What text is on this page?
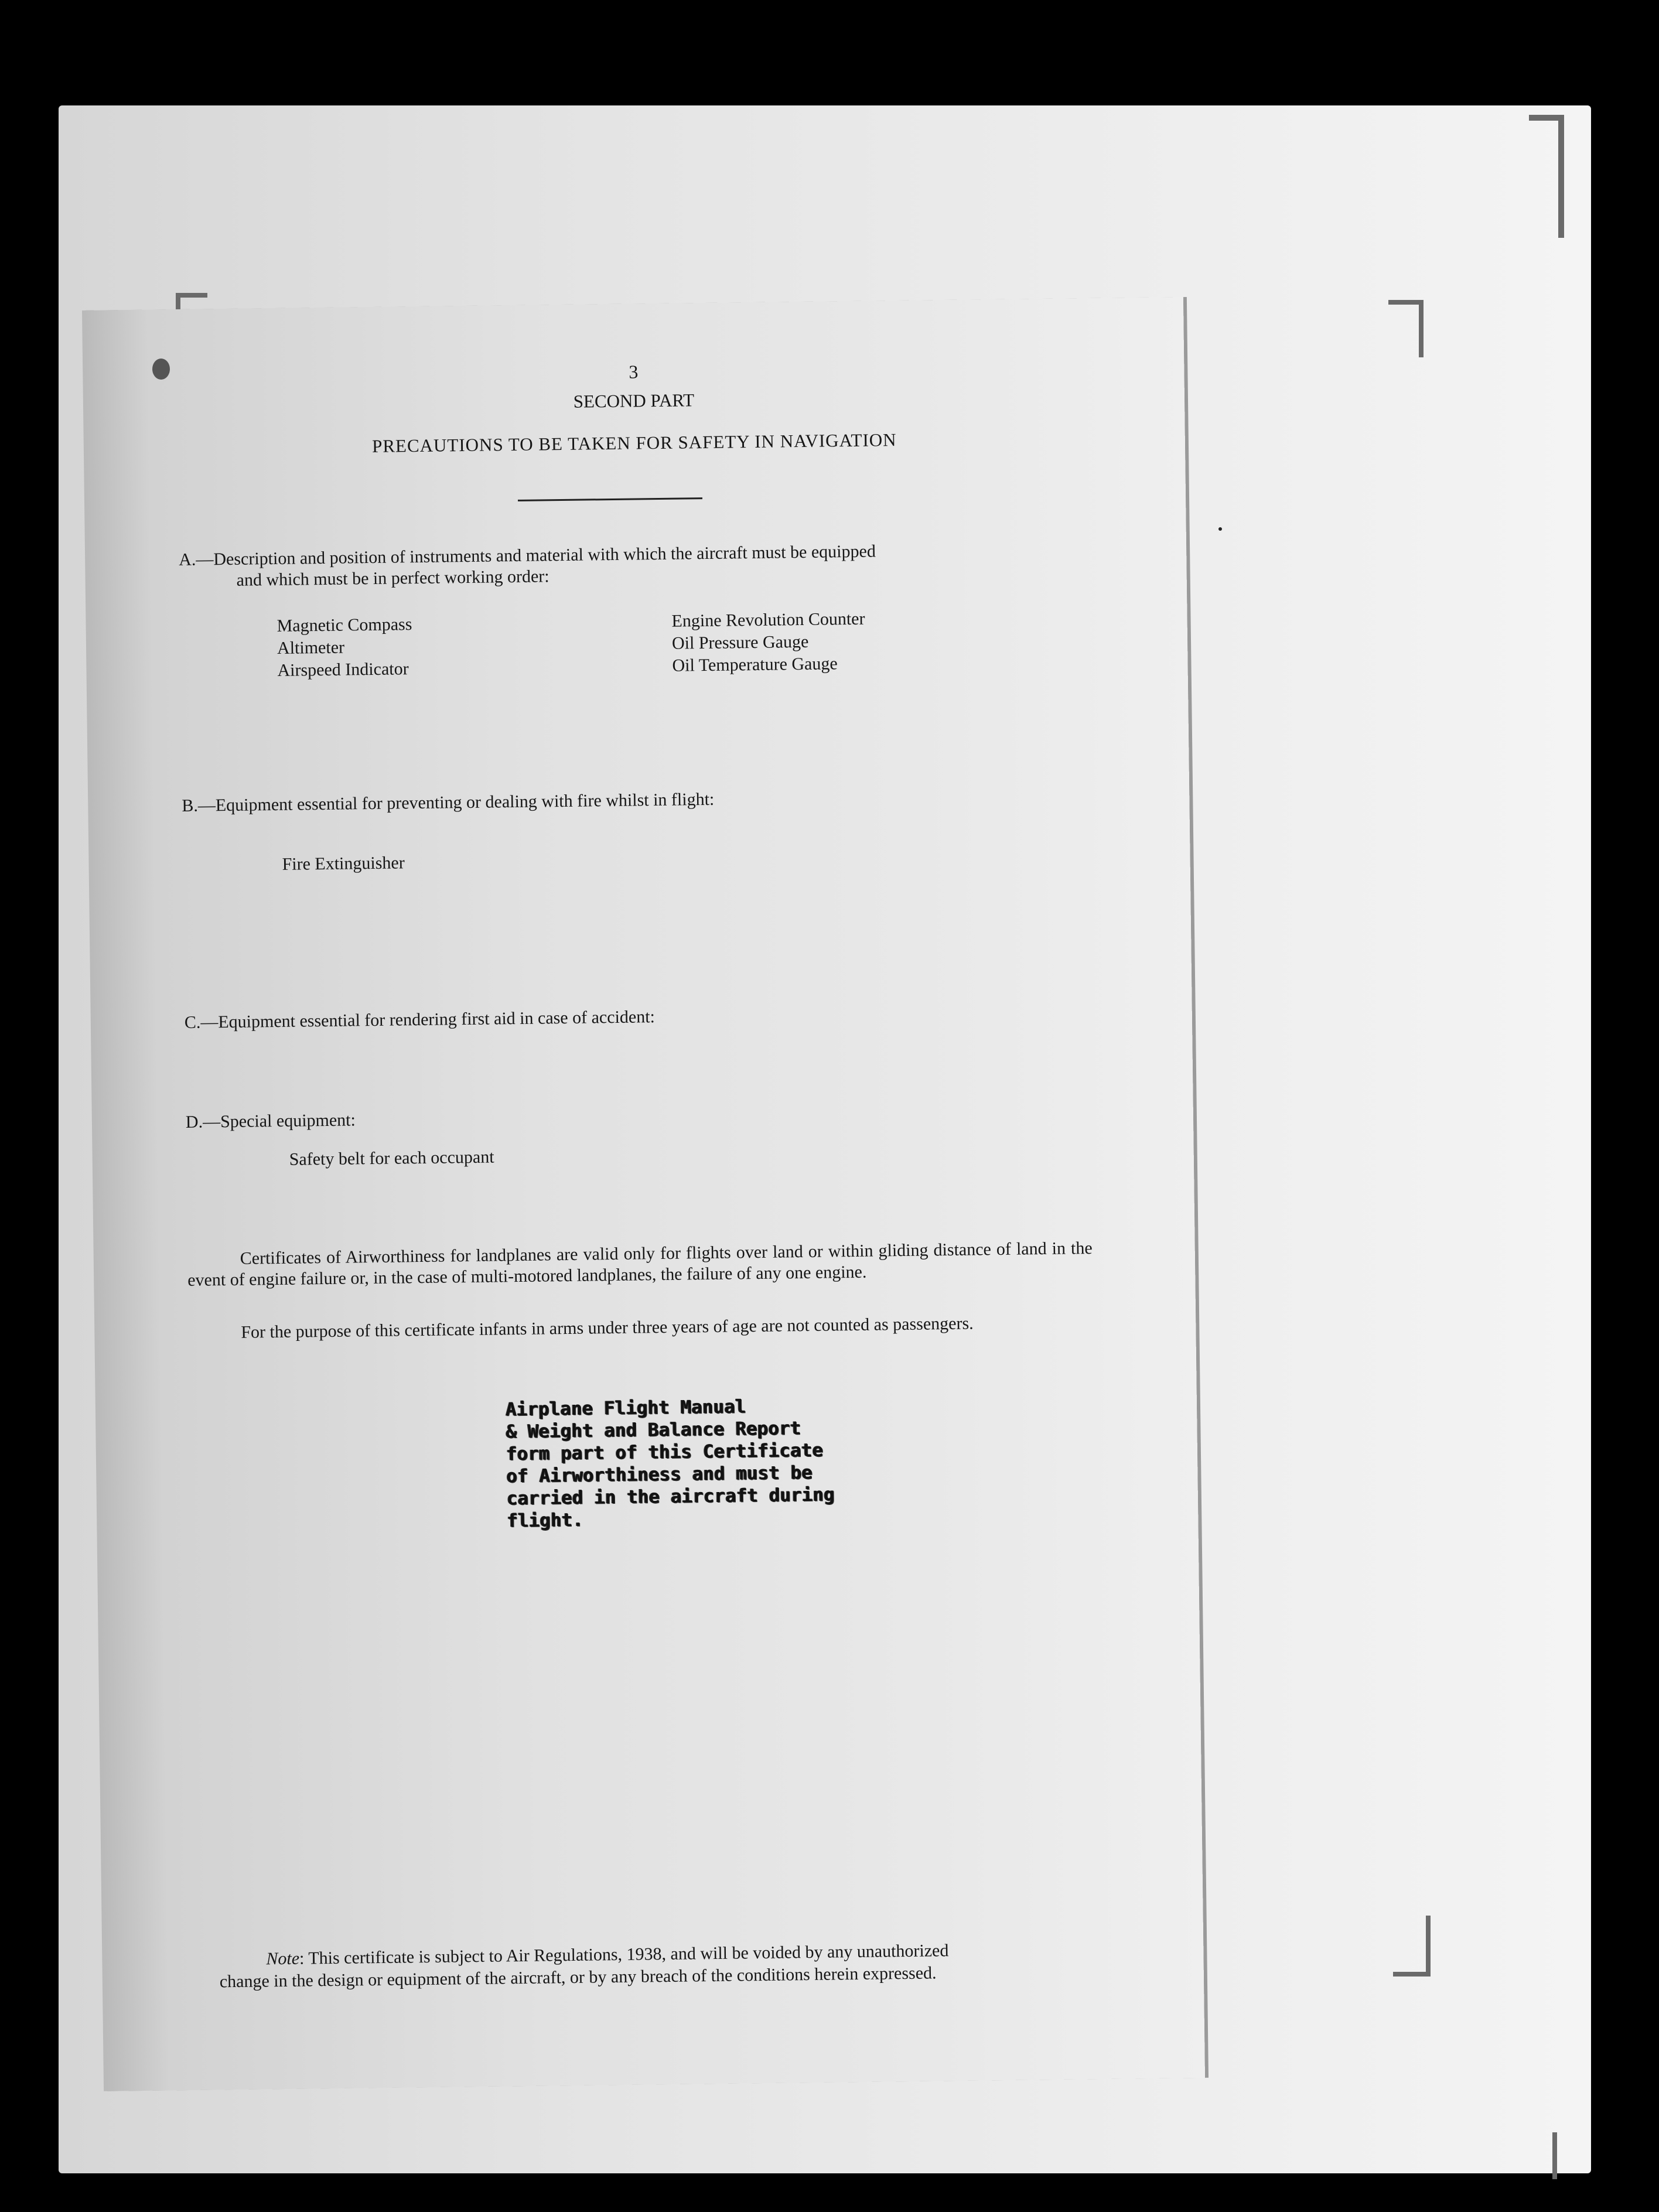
3
SECOND PART
PRECAUTIONS TO BE TAKEN FOR SAFETY IN NAVIGATION
A.—Description and position of instruments and material with which the aircraft must be equipped
and which must be in perfect working order:
Magnetic Compass
Altimeter
Airspeed Indicator
Engine Revolution Counter
Oil Pressure Gauge
Oil Temperature Gauge
B.—Equipment essential for preventing or dealing with fire whilst in flight:
Fire Extinguisher
C.—Equipment essential for rendering first aid in case of accident:
D.—Special equipment:
Safety belt for each occupant
Certificates of Airworthiness for landplanes are valid only for flights over land or within gliding distance of land in the event of engine failure or, in the case of multi-motored landplanes, the failure of any one engine.
For the purpose of this certificate infants in arms under three years of age are not counted as passengers.
Airplane Flight Manual
& Weight and Balance Report
form part of this Certificate
of Airworthiness and must be
carried in the aircraft during
flight.
Note: This certificate is subject to Air Regulations, 1938, and will be voided by any unauthorized
change in the design or equipment of the aircraft, or by any breach of the conditions herein expressed.
